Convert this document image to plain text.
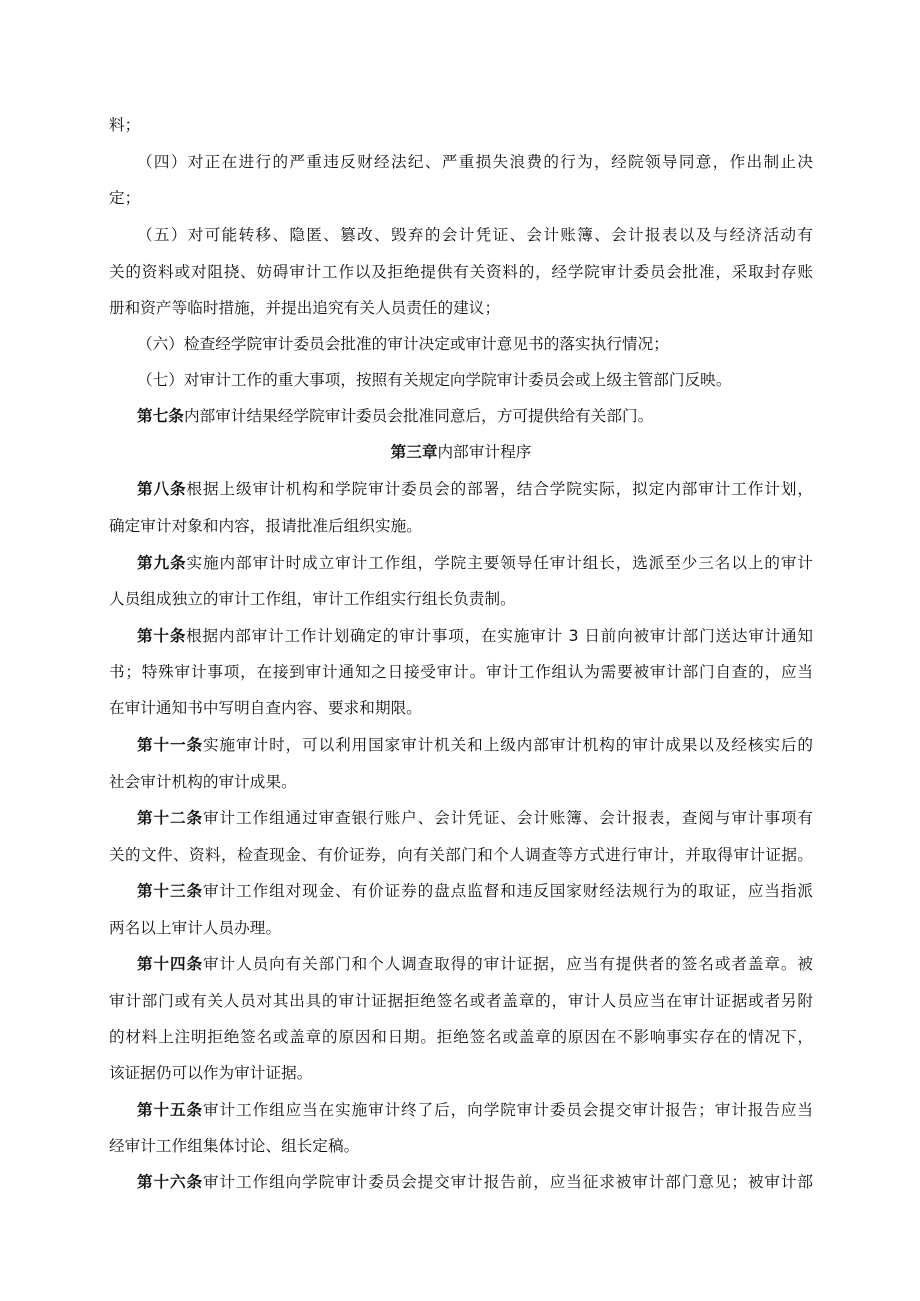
料；
（四）对正在进行的严重违反财经法纪、严重损失浪费的行为，经院领导同意，作出制止决
定；
（五）对可能转移、隐匿、篡改、毁弃的会计凭证、会计账簿、会计报表以及与经济活动有
关的资料或对阻挠、妨碍审计工作以及拒绝提供有关资料的，经学院审计委员会批准，采取封存账
册和资产等临时措施，并提出追究有关人员责任的建议；
（六）检查经学院审计委员会批准的审计决定或审计意见书的落实执行情况；
（七）对审计工作的重大事项，按照有关规定向学院审计委员会或上级主管部门反映。
第七条内部审计结果经学院审计委员会批准同意后，方可提供给有关部门。
第三章内部审计程序
第八条根据上级审计机构和学院审计委员会的部署，结合学院实际，拟定内部审计工作计划，
确定审计对象和内容，报请批准后组织实施。
第九条实施内部审计时成立审计工作组，学院主要领导任审计组长，选派至少三名以上的审计
人员组成独立的审计工作组，审计工作组实行组长负责制。
第十条根据内部审计工作计划确定的审计事项，在实施审计 3 日前向被审计部门送达审计通知
书；特殊审计事项，在接到审计通知之日接受审计。审计工作组认为需要被审计部门自查的，应当
在审计通知书中写明自查内容、要求和期限。
第十一条实施审计时，可以利用国家审计机关和上级内部审计机构的审计成果以及经核实后的
社会审计机构的审计成果。
第十二条审计工作组通过审查银行账户、会计凭证、会计账簿、会计报表，查阅与审计事项有
关的文件、资料，检查现金、有价证券，向有关部门和个人调查等方式进行审计，并取得审计证据。
第十三条审计工作组对现金、有价证券的盘点监督和违反国家财经法规行为的取证，应当指派
两名以上审计人员办理。
第十四条审计人员向有关部门和个人调查取得的审计证据，应当有提供者的签名或者盖章。被
审计部门或有关人员对其出具的审计证据拒绝签名或者盖章的，审计人员应当在审计证据或者另附
的材料上注明拒绝签名或盖章的原因和日期。拒绝签名或盖章的原因在不影响事实存在的情况下，
该证据仍可以作为审计证据。
第十五条审计工作组应当在实施审计终了后，向学院审计委员会提交审计报告；审计报告应当
经审计工作组集体讨论、组长定稿。
第十六条审计工作组向学院审计委员会提交审计报告前，应当征求被审计部门意见；被审计部
